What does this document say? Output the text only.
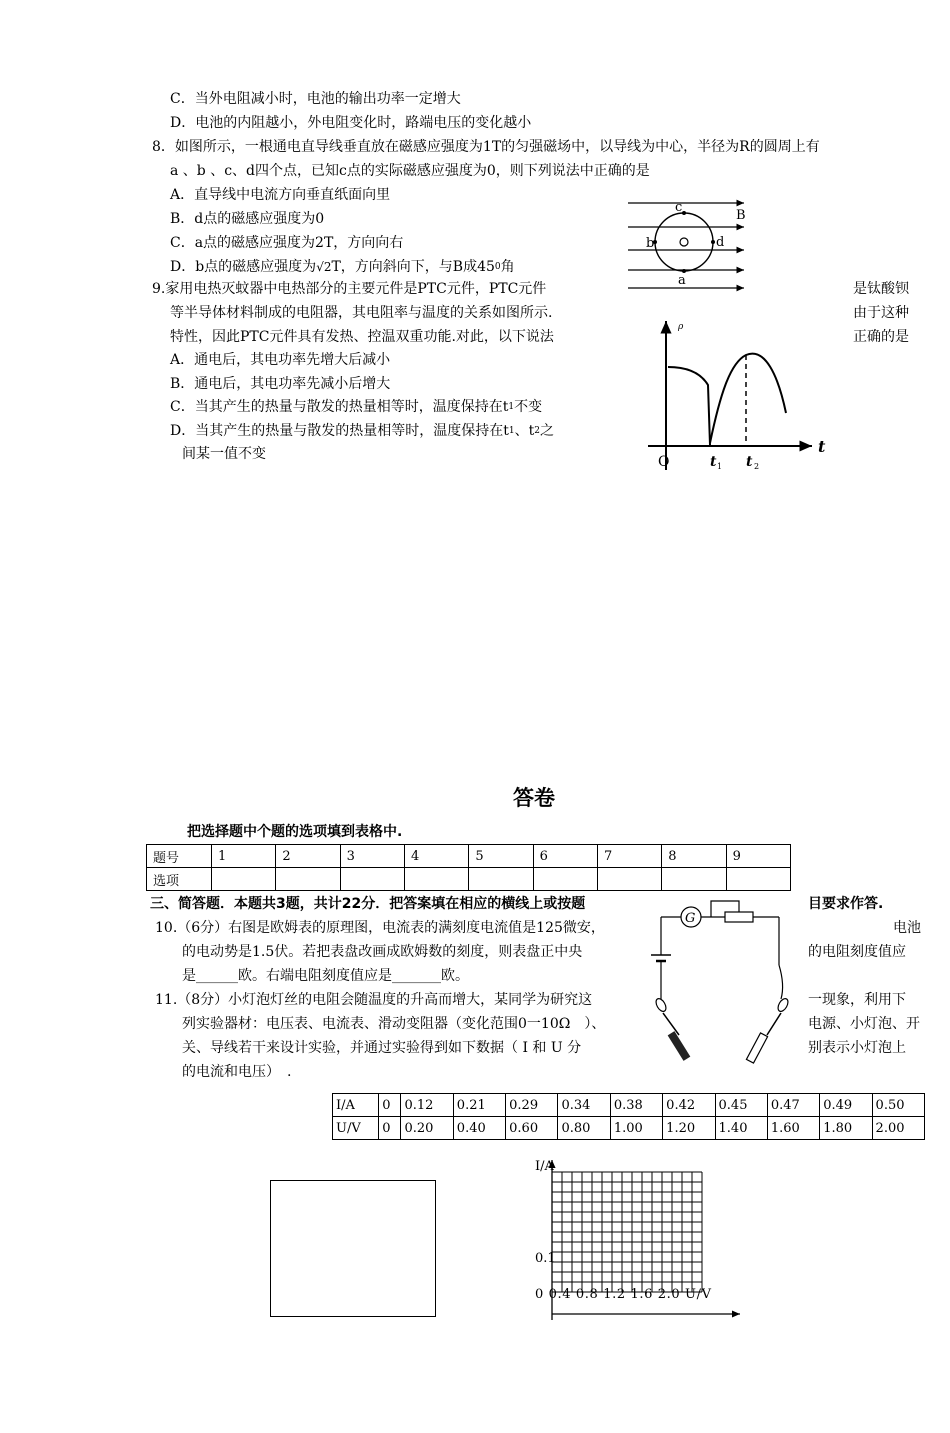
C．当外电阻减小时，电池的输出功率一定增大
D．电池的内阻越小，外电阻变化时，路端电压的变化越小
8．如图所示，一根通电直导线垂直放在磁感应强度为1T的匀强磁场中，以导线为中心，半径为R的圆周上有
a 、b 、c、d四个点，已知c点的实际磁感应强度为0，则下列说法中正确的是
A．直导线中电流方向垂直纸面向里
B．d点的磁感应强度为0
C．a点的磁感应强度为2T，方向向右
D．b点的磁感应强度为√2T，方向斜向下，与B成$45^0$角
c
b	d
a
B
9.家用电热灭蚊器中电热部分的主要元件是PTC元件，PTC元件	是钛酸钡
等半导体材料制成的电阻器，其电阻率与温度的关系如图所示.	由于这种
特性，因此PTC元件具有发热、控温双重功能.对此，以下说法	正确的是
A．通电后，其电功率先增大后减小
B．通电后，其电功率先减小后增大
C．当其产生的热量与散发的热量相等时，温度保持在t1不变
D．当其产生的热量与散发的热量相等时，温度保持在t1、t2之
间某一值不变
ρ
t
O	t 1 t 2
答卷
把选择题中个题的选项填到表格中.
题号	1	2	3	4	5	6	7	8	9
选项									
三、简答题．本题共3题，共计22分．把答案填在相应的横线上或按题	目要求作答.
10.（6分）右图是欧姆表的原理图，电流表的满刻度电流值是125微安，	电池
的电动势是1.5伏。若把表盘改画成欧姆数的刻度，则表盘正中央	的电阻刻度值应
是______欧。右端电阻刻度值应是_______欧。
G
11.（8分）小灯泡灯丝的电阻会随温度的升高而增大，某同学为研究这	一现象，利用下
列实验器材：电压表、电流表、滑动变阻器（变化范围0一10Ω　）、	电源、小灯泡、开
关、导线若干来设计实验，并通过实验得到如下数据（ I 和 U 分	别表示小灯泡上
的电流和电压）　.
I/A	0	0.12	0.21	0.29	0.34	0.38	0.42	0.45	0.47	0.49	0.50
U/V	0	0.20	0.40	0.60	0.80	1.00	1.20	1.40	1.60	1.80	2.00
I/A
0.1
0 0.4 0.8 1.2 1.6 2.0 U/V
